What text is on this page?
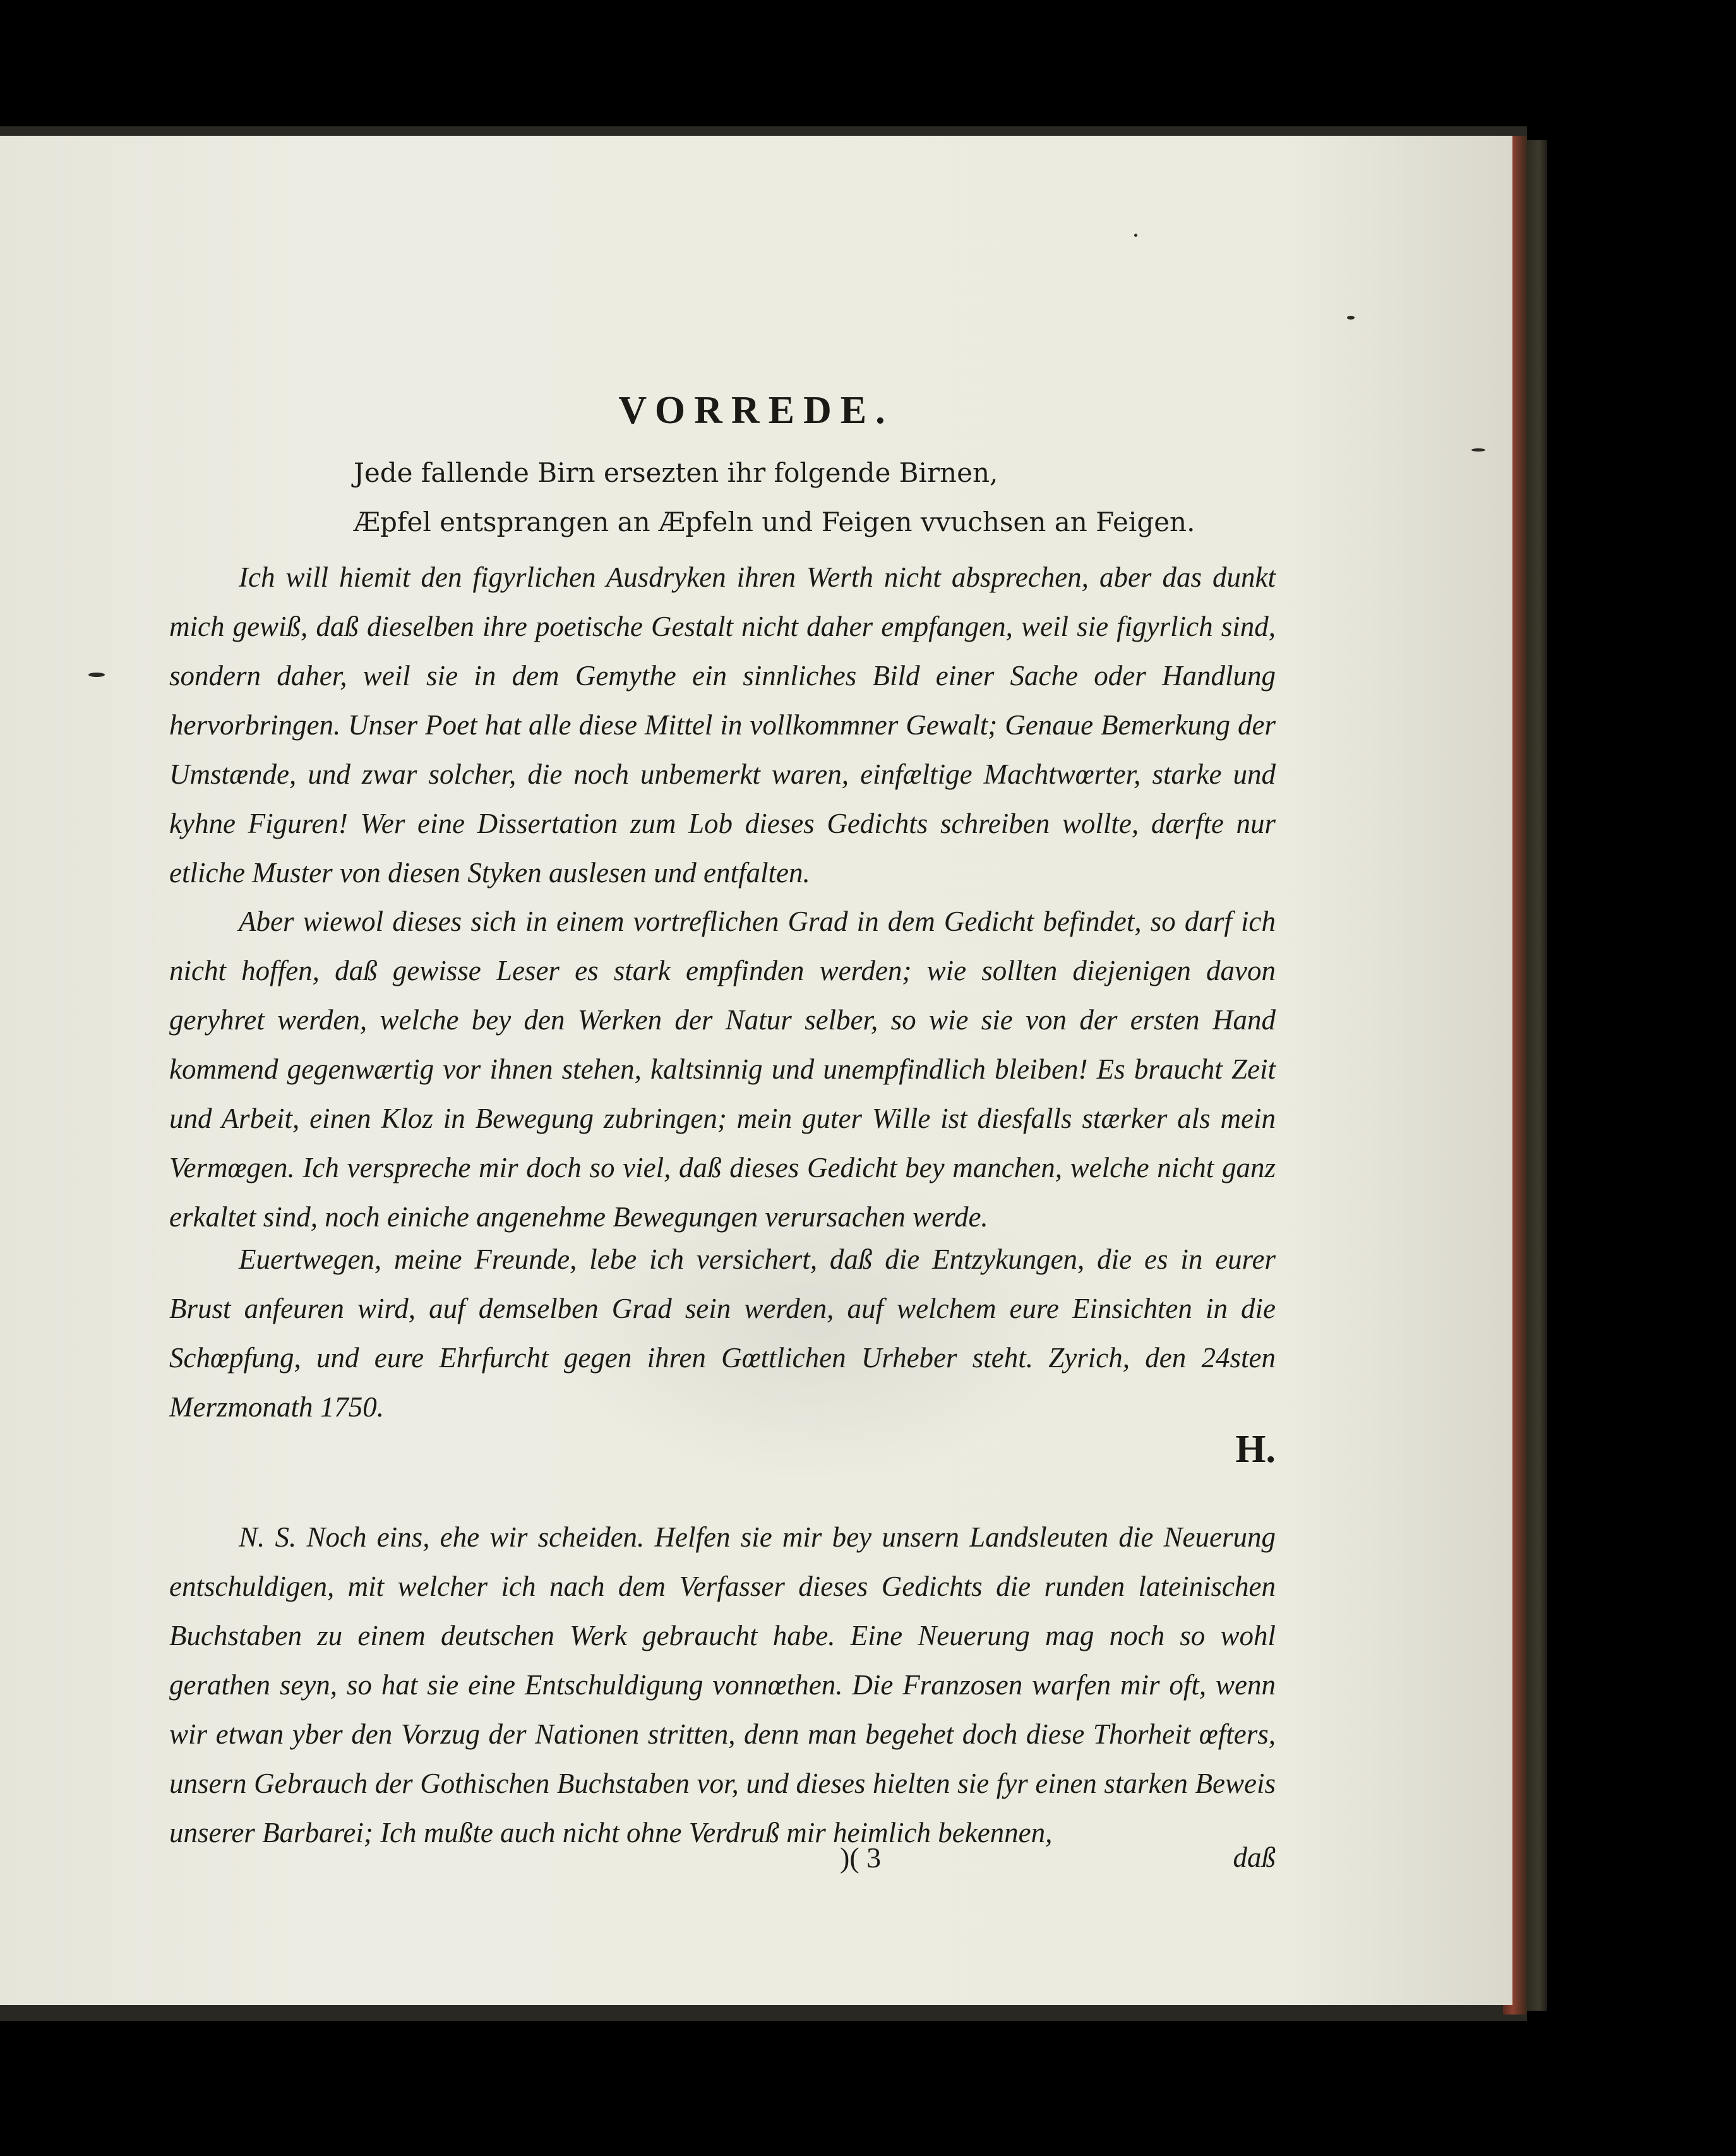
VORREDE.
Jede fallende Birn ersezten ihr folgende Birnen,
Æpfel entsprangen an Æpfeln und Feigen vvuchsen an Feigen.

Ich will hiemit den figyrlichen Ausdryken ihren Werth nicht absprechen, aber das dunkt mich gewiß, daß dieselben ihre poetische Gestalt nicht daher empfangen, weil sie figyrlich sind, sondern daher, weil sie in dem Gemythe ein sinnliches Bild einer Sache oder Handlung hervorbringen. Unser Poet hat alle diese Mittel in vollkommner Gewalt; Genaue Bemerkung der Umstænde, und zwar solcher, die noch unbemerkt waren, einfæltige Machtwœrter, starke und kyhne Figuren! Wer eine Dissertation zum Lob dieses Gedichts schreiben wollte, dærfte nur etliche Muster von diesen Styken auslesen und entfalten.

Aber wiewol dieses sich in einem vortreflichen Grad in dem Gedicht befindet, so darf ich nicht hoffen, daß gewisse Leser es stark empfinden werden; wie sollten diejenigen davon geryhret werden, welche bey den Werken der Natur selber, so wie sie von der ersten Hand kommend gegenwærtig vor ihnen stehen, kaltsinnig und unempfindlich bleiben! Es braucht Zeit und Arbeit, einen Kloz in Bewegung zubringen; mein guter Wille ist diesfalls stærker als mein Vermœgen. Ich verspreche mir doch so viel, daß dieses Gedicht bey manchen, welche nicht ganz erkaltet sind, noch einiche angenehme Bewegungen verursachen werde.

Euertwegen, meine Freunde, lebe ich versichert, daß die Entzykungen, die es in eurer Brust anfeuren wird, auf demselben Grad sein werden, auf welchem eure Einsichten in die Schœpfung, und eure Ehrfurcht gegen ihren Gœttlichen Urheber steht. Zyrich, den 24sten Merzmonath 1750.

H.

N. S. Noch eins, ehe wir scheiden. Helfen sie mir bey unsern Landsleuten die Neuerung entschuldigen, mit welcher ich nach dem Verfasser dieses Gedichts die runden lateinischen Buchstaben zu einem deutschen Werk gebraucht habe. Eine Neuerung mag noch so wohl gerathen seyn, so hat sie eine Entschuldigung vonnœthen. Die Franzosen warfen mir oft, wenn wir etwan yber den Vorzug der Nationen stritten, denn man begehet doch diese Thorheit œfters, unsern Gebrauch der Gothischen Buchstaben vor, und dieses hielten sie fyr einen starken Beweis unserer Barbarei; Ich mußte auch nicht ohne Verdruß mir heimlich bekennen,

)( 3	daß
